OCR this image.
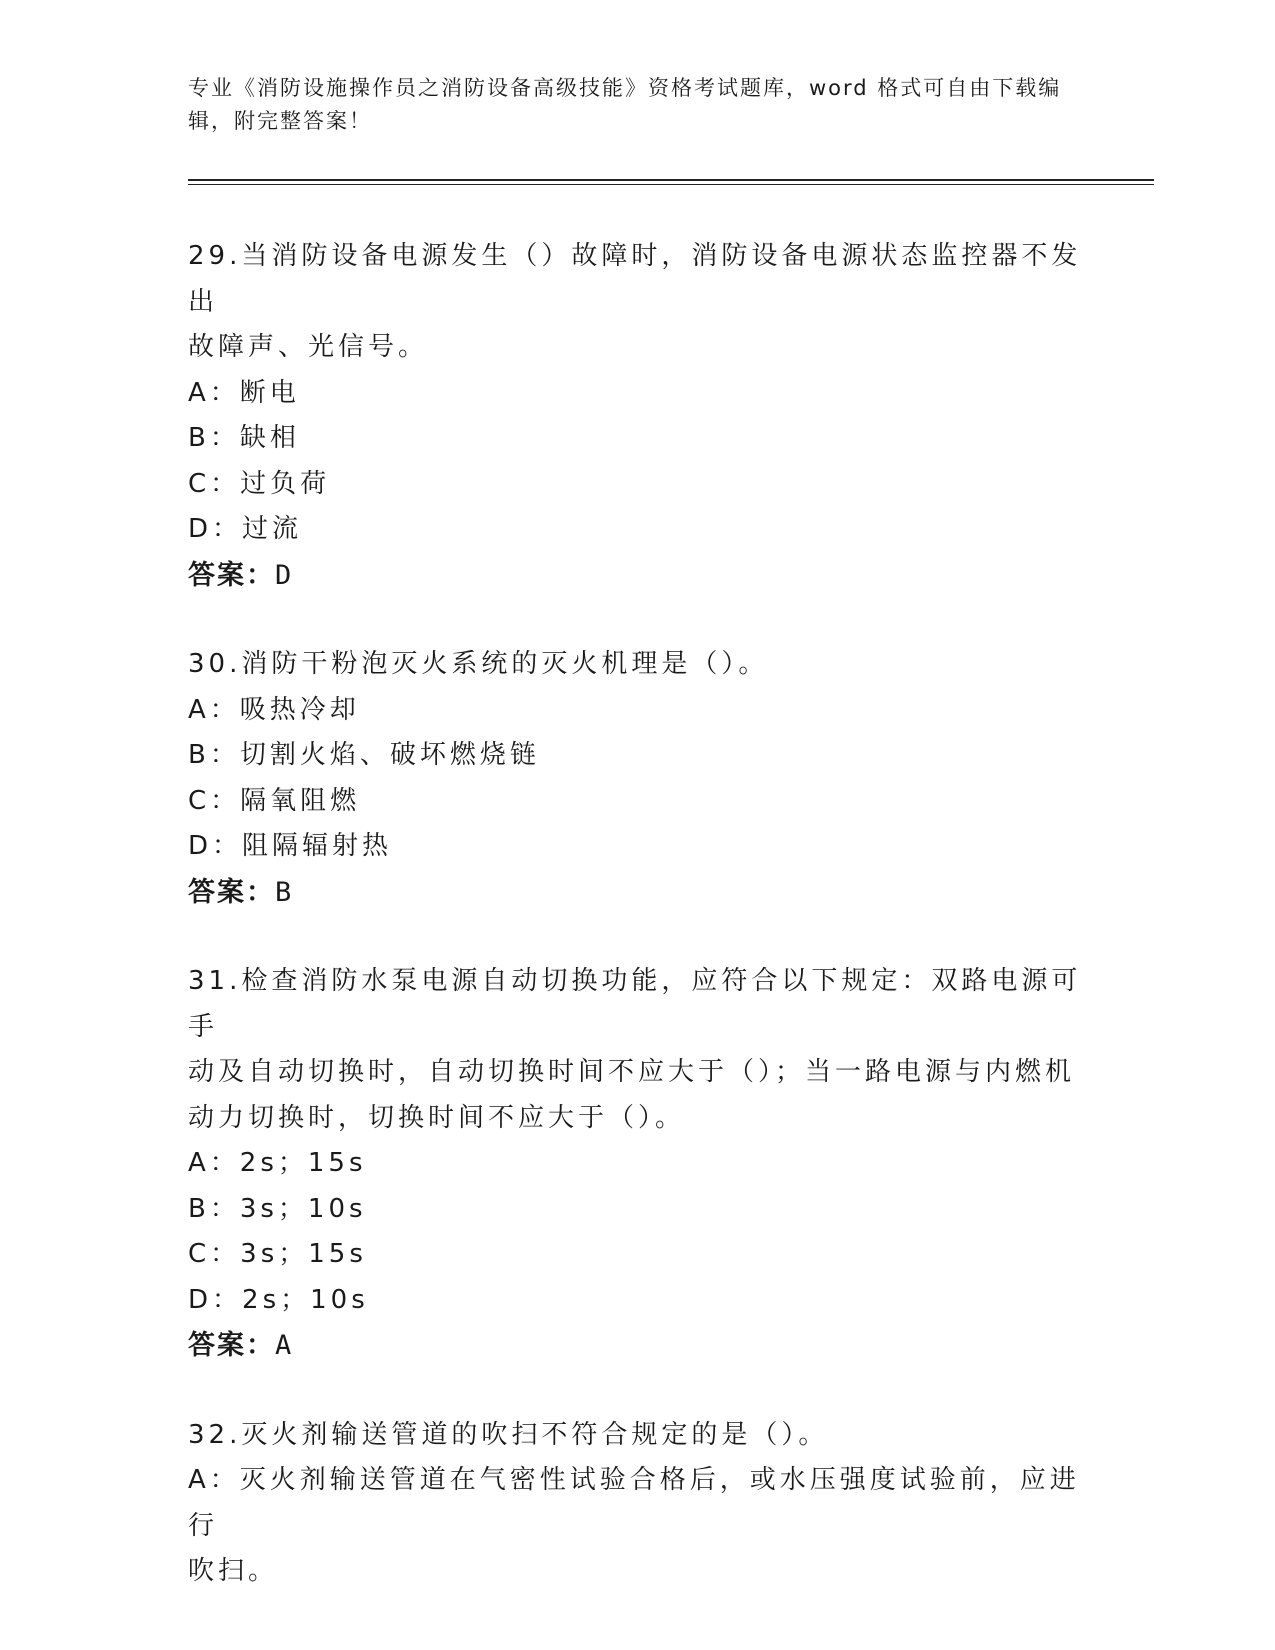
专业《消防设施操作员之消防设备高级技能》资格考试题库，word 格式可自由下载编辑，附完整答案！
29.当消防设备电源发生（）故障时，消防设备电源状态监控器不发出
故障声、光信号。
A：断电
B：缺相
C：过负荷
D：过流
答案：D
30.消防干粉泡灭火系统的灭火机理是（）。
A：吸热冷却
B：切割火焰、破坏燃烧链
C：隔氧阻燃
D：阻隔辐射热
答案：B
31.检查消防水泵电源自动切换功能，应符合以下规定：双路电源可手
动及自动切换时，自动切换时间不应大于（）；当一路电源与内燃机
动力切换时，切换时间不应大于（）。
A：2s；15s
B：3s；10s
C：3s；15s
D：2s；10s
答案：A
32.灭火剂输送管道的吹扫不符合规定的是（）。
A：灭火剂输送管道在气密性试验合格后，或水压强度试验前，应进行
吹扫。
